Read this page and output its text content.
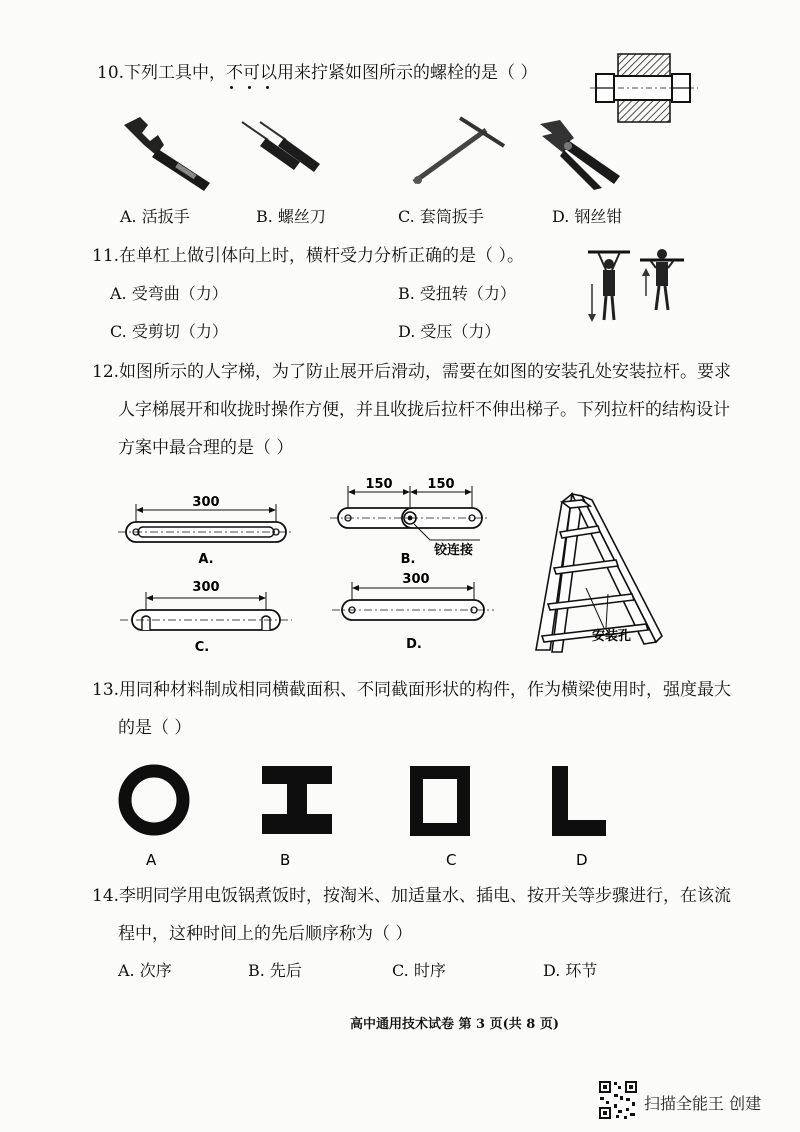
10.下列工具中，不可以用来拧紧如图所示的螺栓的是（ ）
A. 活扳手	B. 螺丝刀	C. 套筒扳手	D. 钢丝钳
11.在单杠上做引体向上时，横杆受力分析正确的是（ ）。
A. 受弯曲（力）	B. 受扭转（力）
C. 受剪切（力）	D. 受压（力）
12.如图所示的人字梯，为了防止展开后滑动，需要在如图的安装孔处安装拉杆。要求
人字梯展开和收拢时操作方便，并且收拢后拉杆不伸出梯子。下列拉杆的结构设计
方案中最合理的是（ ）
300
A.
150	150
铰连接
B.
300
C.
300
D.
安装孔
13.用同种材料制成相同横截面积、不同截面形状的构件，作为横梁使用时，强度最大
的是（ ）
A	B	C	D
14.李明同学用电饭锅煮饭时，按淘米、加适量水、插电、按开关等步骤进行，在该流
程中，这种时间上的先后顺序称为（ ）
A. 次序	B. 先后	C. 时序	D. 环节
高中通用技术试卷 第 3 页(共 8 页)
扫描全能王 创建
